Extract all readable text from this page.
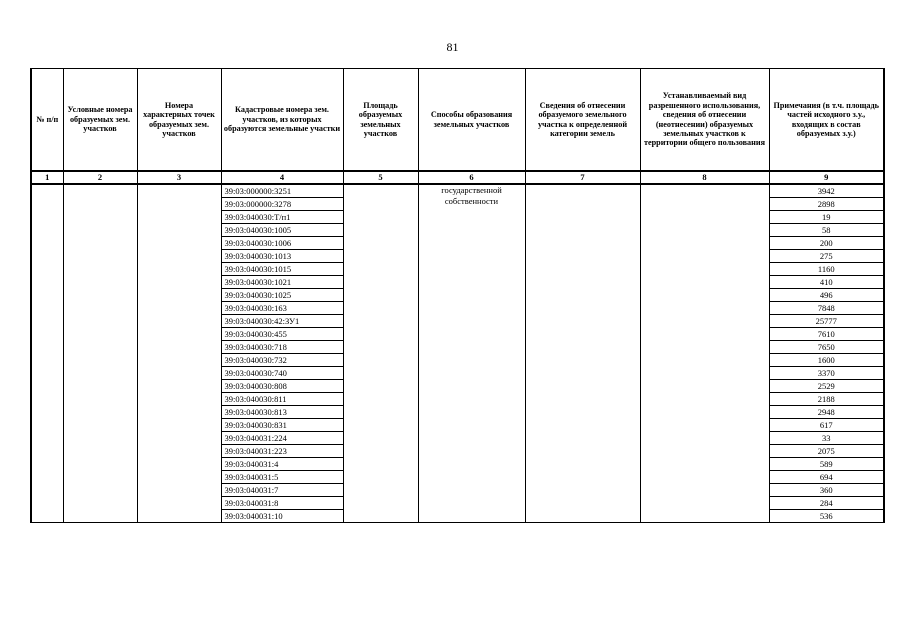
81
№ п/п	Условные номера образуемых зем. участков	Номера характерных точек образуемых зем. участков	Кадастровые номера зем. участков, из которых образуются земельные участки	Площадь образуемых земельных участков	Способы образования земельных участков	Сведения об отнесении образуемого земельного участка к определенной категории земель	Устанавливаемый вид разрешенного использования, сведения об отнесении (неотнесении) образуемых земельных участков к территории общего пользования	Примечания (в т.ч. площадь частей исходного з.у., входящих в состав образуемых з.у.)
1	2	3	4	5	6	7	8	9
			39:03:000000:3251		государственной собственности			3942
			39:03:000000:3278					2898
			39:03:040030:Т/п1					19
			39:03:040030:1005					58
			39:03:040030:1006					200
			39:03:040030:1013					275
			39:03:040030:1015					1160
			39:03:040030:1021					410
			39:03:040030:1025					496
			39:03:040030:163					7848
			39:03:040030:42:ЗУ1					25777
			39:03:040030:455					7610
			39:03:040030:718					7650
			39:03:040030:732					1600
			39:03:040030:740					3370
			39:03:040030:808					2529
			39:03:040030:811					2188
			39:03:040030:813					2948
			39:03:040030:831					617
			39:03:040031:224					33
			39:03:040031:223					2075
			39:03:040031:4					589
			39:03:040031:5					694
			39:03:040031:7					360
			39:03:040031:8					284
			39:03:040031:10					536
